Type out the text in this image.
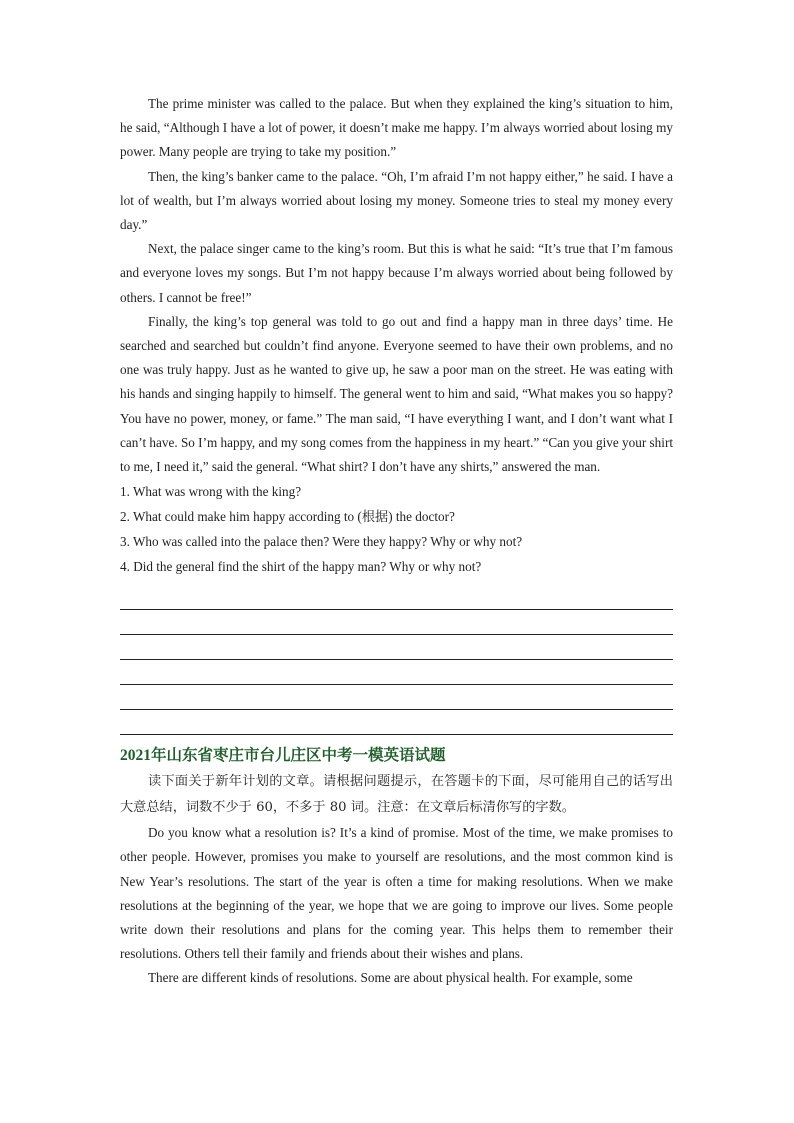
The prime minister was called to the palace. But when they explained the king’s situation to him, he said, “Although I have a lot of power, it doesn’t make me happy. I’m always worried about losing my power. Many people are trying to take my position.”

Then, the king’s banker came to the palace. “Oh, I’m afraid I’m not happy either,” he said. I have a lot of wealth, but I’m always worried about losing my money. Someone tries to steal my money every day.”

Next, the palace singer came to the king’s room. But this is what he said: “It’s true that I’m famous and everyone loves my songs. But I’m not happy because I’m always worried about being followed by others. I cannot be free!”

Finally, the king’s top general was told to go out and find a happy man in three days’ time. He searched and searched but couldn’t find anyone. Everyone seemed to have their own problems, and no one was truly happy. Just as he wanted to give up, he saw a poor man on the street. He was eating with his hands and singing happily to himself. The general went to him and said, “What makes you so happy? You have no power, money, or fame.” The man said, “I have everything I want, and I don’t want what I can’t have. So I’m happy, and my song comes from the happiness in my heart.” “Can you give your shirt to me, I need it,” said the general. “What shirt? I don’t have any shirts,” answered the man.

1. What was wrong with the king?

2. What could make him happy according to (根据) the doctor?

3. Who was called into the palace then? Were they happy? Why or why not?

4. Did the general find the shirt of the happy man? Why or why not?

2021年山东省枣庄市台儿庄区中考一模英语试题

读下面关于新年计划的文章。请根据问题提示，在答题卡的下面，尽可能用自己的话写出大意总结，词数不少于 60，不多于 80 词。注意：在文章后标清你写的字数。

Do you know what a resolution is? It’s a kind of promise. Most of the time, we make promises to other people. However, promises you make to yourself are resolutions, and the most common kind is New Year’s resolutions. The start of the year is often a time for making resolutions. When we make resolutions at the beginning of the year, we hope that we are going to improve our lives. Some people write down their resolutions and plans for the coming year. This helps them to remember their resolutions. Others tell their family and friends about their wishes and plans.

There are different kinds of resolutions. Some are about physical health. For example, some
